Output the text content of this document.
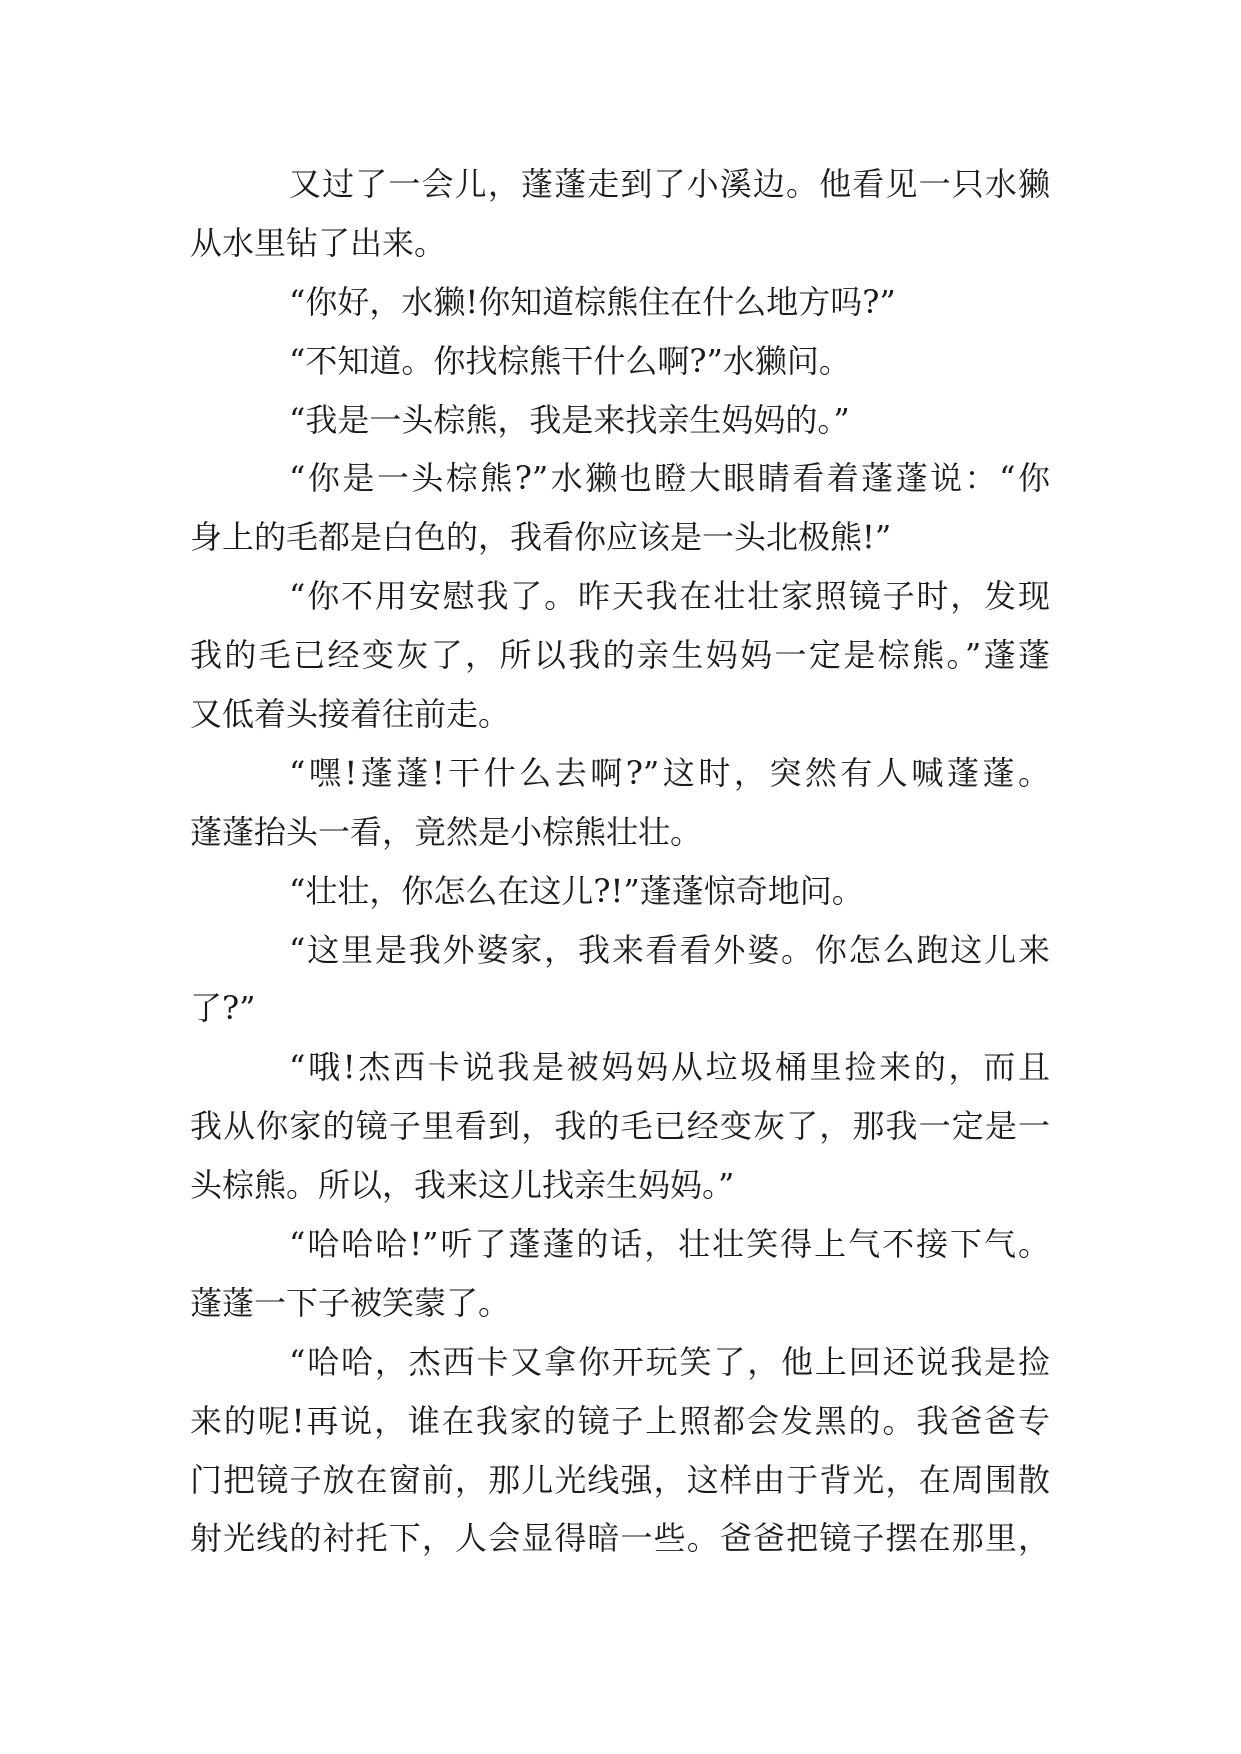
又过了一会儿，蓬蓬走到了小溪边。他看见一只水獭
从水里钻了出来。
“你好，水獭!你知道棕熊住在什么地方吗?”
“不知道。你找棕熊干什么啊?”水獭问。
“我是一头棕熊，我是来找亲生妈妈的。”
“你是一头棕熊?”水獭也瞪大眼睛看着蓬蓬说：“你
身上的毛都是白色的，我看你应该是一头北极熊!”
“你不用安慰我了。昨天我在壮壮家照镜子时，发现
我的毛已经变灰了，所以我的亲生妈妈一定是棕熊。”蓬蓬
又低着头接着往前走。
“嘿!蓬蓬!干什么去啊?”这时，突然有人喊蓬蓬。
蓬蓬抬头一看，竟然是小棕熊壮壮。
“壮壮，你怎么在这儿?!”蓬蓬惊奇地问。
“这里是我外婆家，我来看看外婆。你怎么跑这儿来
了?”
“哦!杰西卡说我是被妈妈从垃圾桶里捡来的，而且
我从你家的镜子里看到，我的毛已经变灰了，那我一定是一
头棕熊。所以，我来这儿找亲生妈妈。”
“哈哈哈!”听了蓬蓬的话，壮壮笑得上气不接下气。
蓬蓬一下子被笑蒙了。
“哈哈，杰西卡又拿你开玩笑了，他上回还说我是捡
来的呢!再说，谁在我家的镜子上照都会发黑的。我爸爸专
门把镜子放在窗前，那儿光线强，这样由于背光，在周围散
射光线的衬托下，人会显得暗一些。爸爸把镜子摆在那里，
